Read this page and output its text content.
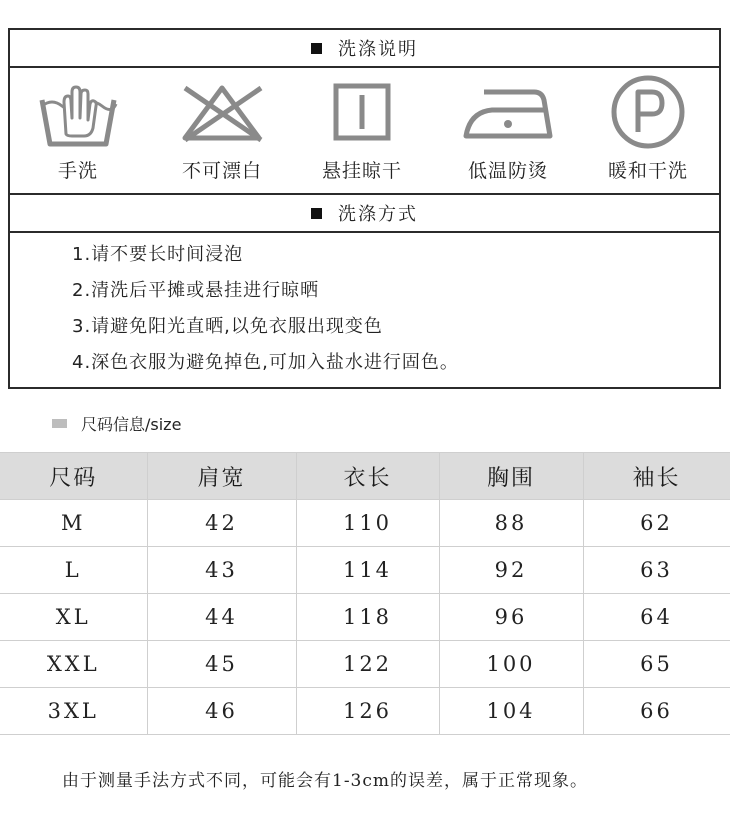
洗涤说明
手洗	不可漂白	悬挂晾干	低温防烫	暖和干洗
洗涤方式
1.请不要长时间浸泡
2.清洗后平摊或悬挂进行晾晒
3.请避免阳光直晒,以免衣服出现变色
4.深色衣服为避免掉色,可加入盐水进行固色。
尺码信息/size
尺码	肩宽	衣长	胸围	袖长
M	42	110	88	62
L	43	114	92	63
XL	44	118	96	64
XXL	45	122	100	65
3XL	46	126	104	66
由于测量手法方式不同，可能会有1-3cm的误差，属于正常现象。
